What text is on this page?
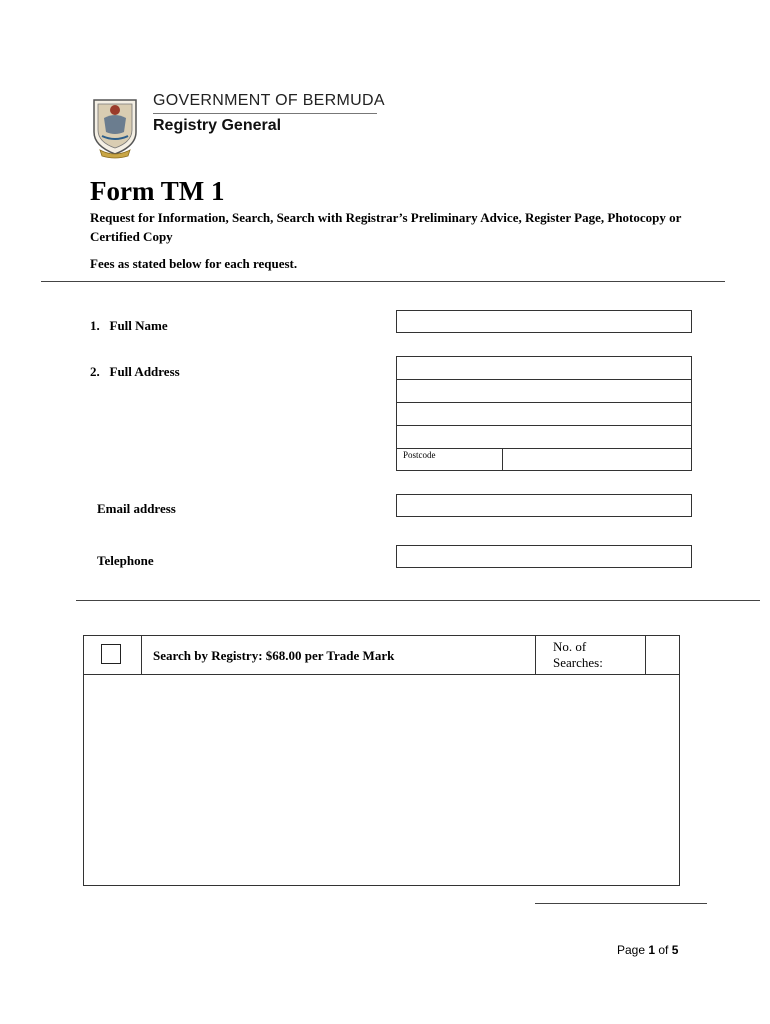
GOVERNMENT OF BERMUDA
Registry General
Form TM 1
Request for Information, Search, Search with Registrar’s Preliminary Advice, Register Page, Photocopy or Certified Copy
Fees as stated below for each request.
1.   Full Name
2.   Full Address
Postcode
Email address
Telephone
Search by Registry: $68.00 per Trade Mark
No. of
Searches:
Page 1 of 5
